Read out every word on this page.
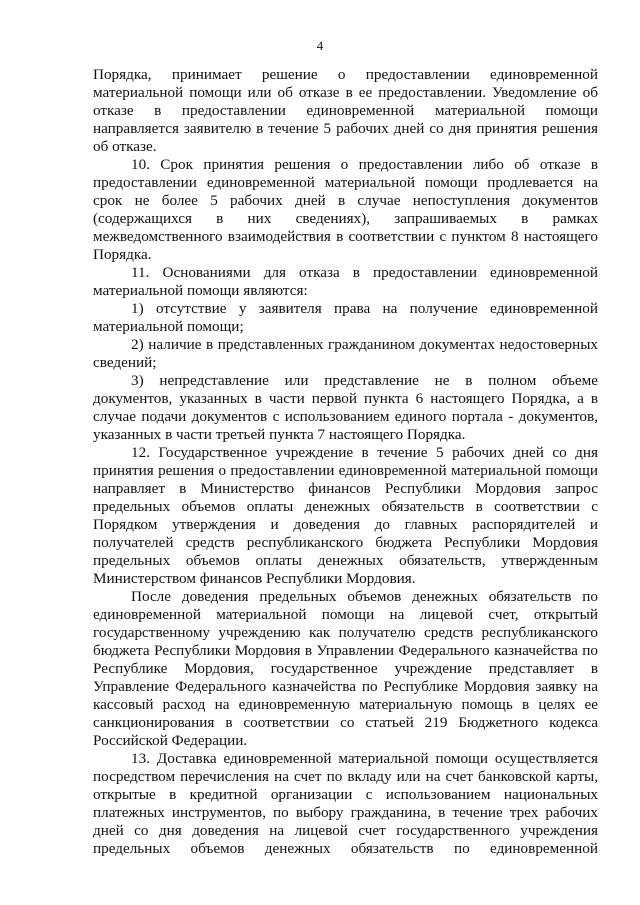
4

Порядка, принимает решение о предоставлении единовременной

материальной помощи или об отказе в ее предоставлении. Уведомление об

отказе в предоставлении единовременной материальной помощи

направляется заявителю в течение 5 рабочих дней со дня принятия решения

об отказе.

10. Срок принятия решения о предоставлении либо об отказе в

предоставлении единовременной материальной помощи продлевается на

срок не более 5 рабочих дней в случае непоступления документов

(содержащихся в них сведениях), запрашиваемых в рамках

межведомственного взаимодействия в соответствии с пунктом 8 настоящего

Порядка.

11. Основаниями для отказа в предоставлении единовременной

материальной помощи являются:

1) отсутствие у заявителя права на получение единовременной

материальной помощи;

2) наличие в представленных гражданином документах недостоверных

сведений;

3) непредставление или представление не в полном объеме

документов, указанных в части первой пункта 6 настоящего Порядка, а в

случае подачи документов с использованием единого портала - документов,

указанных в части третьей пункта 7 настоящего Порядка.

12. Государственное учреждение в течение 5 рабочих дней со дня

принятия решения о предоставлении единовременной материальной помощи

направляет в Министерство финансов Республики Мордовия запрос

предельных объемов оплаты денежных обязательств в соответствии с

Порядком утверждения и доведения до главных распорядителей и

получателей средств республиканского бюджета Республики Мордовия

предельных объемов оплаты денежных обязательств, утвержденным

Министерством финансов Республики Мордовия.

После доведения предельных объемов денежных обязательств по

единовременной материальной помощи на лицевой счет, открытый

государственному учреждению как получателю средств республиканского

бюджета Республики Мордовия в Управлении Федерального казначейства по

Республике Мордовия, государственное учреждение представляет в

Управление Федерального казначейства по Республике Мордовия заявку на

кассовый расход на единовременную материальную помощь в целях ее

санкционирования в соответствии со статьей 219 Бюджетного кодекса

Российской Федерации.

13. Доставка единовременной материальной помощи осуществляется

посредством перечисления на счет по вкладу или на счет банковской карты,

открытые в кредитной организации с использованием национальных

платежных инструментов, по выбору гражданина, в течение трех рабочих

дней со дня доведения на лицевой счет государственного учреждения

предельных объемов денежных обязательств по единовременной
